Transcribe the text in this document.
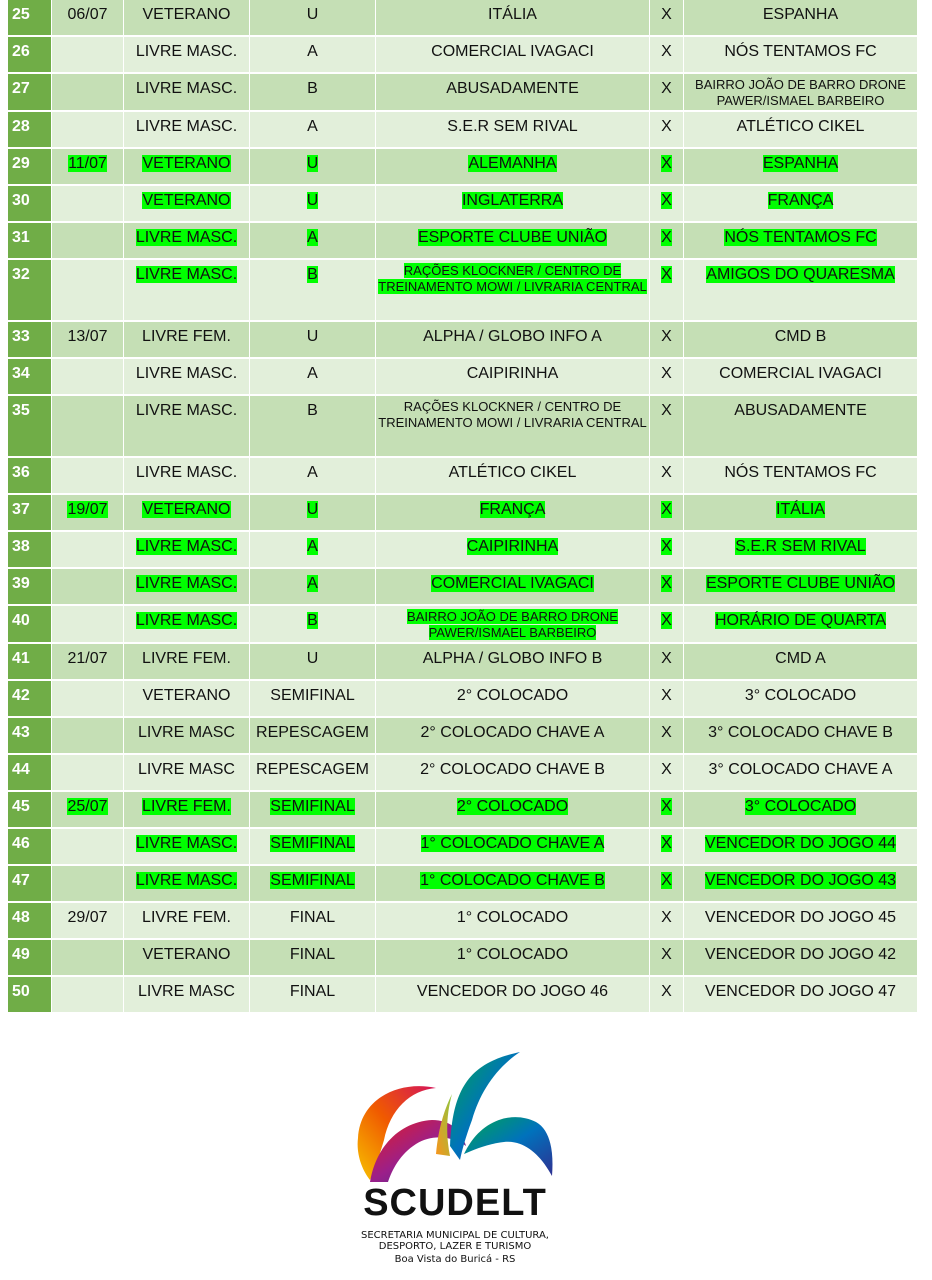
25	06/07	VETERANO	U	ITÁLIA	X	ESPANHA
26		LIVRE MASC.	A	COMERCIAL IVAGACI	X	NÓS TENTAMOS FC
27		LIVRE MASC.	B	ABUSADAMENTE	X	BAIRRO JOÃO DE BARRO DRONE PAWER/ISMAEL BARBEIRO
28		LIVRE MASC.	A	S.E.R SEM RIVAL	X	ATLÉTICO CIKEL
29	11/07	VETERANO	U	ALEMANHA	X	ESPANHA
30		VETERANO	U	INGLATERRA	X	FRANÇA
31		LIVRE MASC.	A	ESPORTE CLUBE UNIÃO	X	NÓS TENTAMOS FC
32		LIVRE MASC.	B	RAÇÕES KLOCKNER / CENTRO DE TREINAMENTO MOWI / LIVRARIA CENTRAL	X	AMIGOS DO QUARESMA
33	13/07	LIVRE FEM.	U	ALPHA / GLOBO INFO A	X	CMD B
34		LIVRE MASC.	A	CAIPIRINHA	X	COMERCIAL IVAGACI
35		LIVRE MASC.	B	RAÇÕES KLOCKNER / CENTRO DE TREINAMENTO MOWI / LIVRARIA CENTRAL	X	ABUSADAMENTE
36		LIVRE MASC.	A	ATLÉTICO CIKEL	X	NÓS TENTAMOS FC
37	19/07	VETERANO	U	FRANÇA	X	ITÁLIA
38		LIVRE MASC.	A	CAIPIRINHA	X	S.E.R SEM RIVAL
39		LIVRE MASC.	A	COMERCIAL IVAGACI	X	ESPORTE CLUBE UNIÃO
40		LIVRE MASC.	B	BAIRRO JOÃO DE BARRO DRONE PAWER/ISMAEL BARBEIRO	X	HORÁRIO DE QUARTA
41	21/07	LIVRE FEM.	U	ALPHA / GLOBO INFO B	X	CMD A
42		VETERANO	SEMIFINAL	2° COLOCADO	X	3° COLOCADO
43		LIVRE MASC	REPESCAGEM	2° COLOCADO CHAVE A	X	3° COLOCADO CHAVE B
44		LIVRE MASC	REPESCAGEM	2° COLOCADO CHAVE B	X	3° COLOCADO CHAVE A
45	25/07	LIVRE FEM.	SEMIFINAL	2° COLOCADO	X	3° COLOCADO
46		LIVRE MASC.	SEMIFINAL	1° COLOCADO CHAVE A	X	VENCEDOR DO JOGO 44
47		LIVRE MASC.	SEMIFINAL	1° COLOCADO CHAVE B	X	VENCEDOR DO JOGO 43
48	29/07	LIVRE FEM.	FINAL	1° COLOCADO	X	VENCEDOR DO JOGO 45
49		VETERANO	FINAL	1° COLOCADO	X	VENCEDOR DO JOGO 42
50		LIVRE MASC	FINAL	VENCEDOR DO JOGO 46	X	VENCEDOR DO JOGO 47
SCUDELT
SECRETARIA MUNICIPAL DE CULTURA,
DESPORTO, LAZER E TURISMO
Boa Vista do Buricá - RS
